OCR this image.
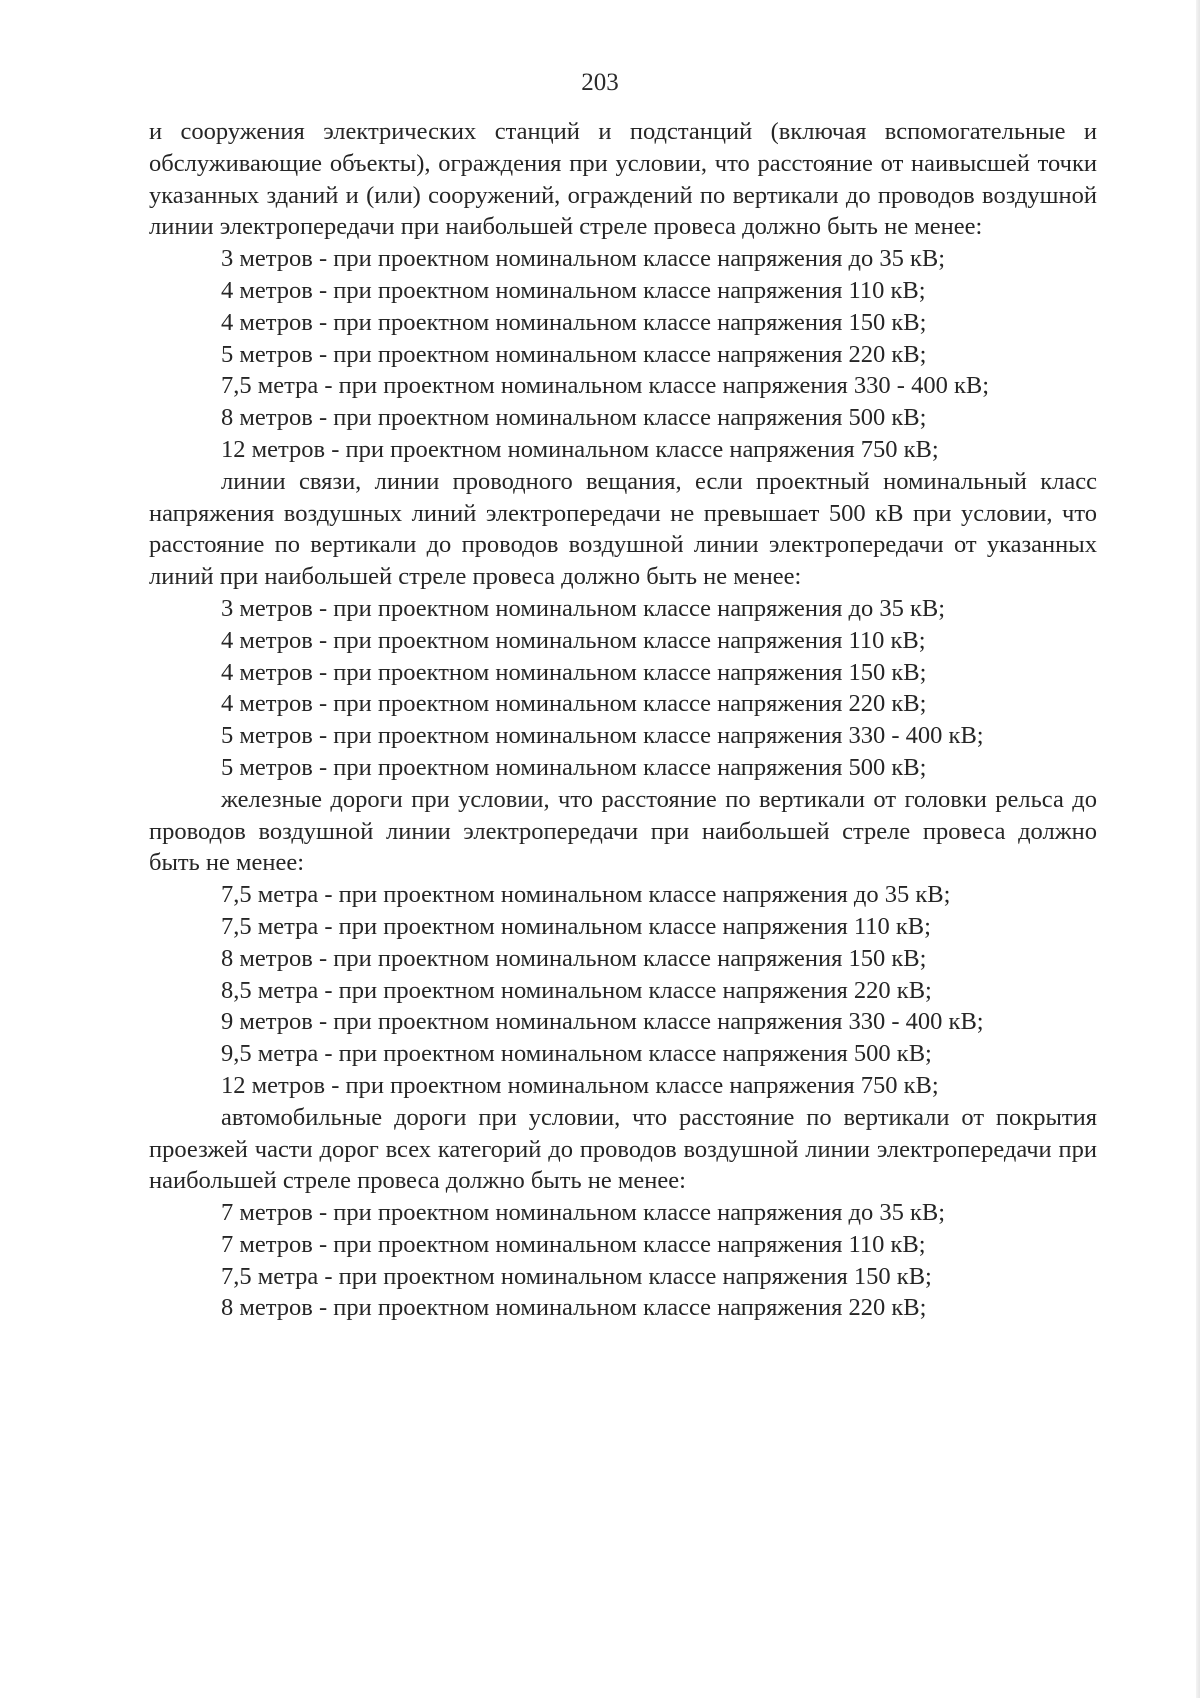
203

и сооружения электрических станций и подстанций (включая вспомогательные и обслуживающие объекты), ограждения при условии, что расстояние от наивысшей точки указанных зданий и (или) сооружений, ограждений по вертикали до проводов воздушной линии электропередачи при наибольшей стреле провеса должно быть не менее:

3 метров - при проектном номинальном классе напряжения до 35 кВ;

4 метров - при проектном номинальном классе напряжения 110 кВ;

4 метров - при проектном номинальном классе напряжения 150 кВ;

5 метров - при проектном номинальном классе напряжения 220 кВ;

7,5 метра - при проектном номинальном классе напряжения 330 - 400 кВ;

8 метров - при проектном номинальном классе напряжения 500 кВ;

12 метров - при проектном номинальном классе напряжения 750 кВ;

линии связи, линии проводного вещания, если проектный номинальный класс напряжения воздушных линий электропередачи не превышает 500 кВ при условии, что расстояние по вертикали до проводов воздушной линии электропередачи от указанных линий при наибольшей стреле провеса должно быть не менее:

3 метров - при проектном номинальном классе напряжения до 35 кВ;

4 метров - при проектном номинальном классе напряжения 110 кВ;

4 метров - при проектном номинальном классе напряжения 150 кВ;

4 метров - при проектном номинальном классе напряжения 220 кВ;

5 метров - при проектном номинальном классе напряжения 330 - 400 кВ;

5 метров - при проектном номинальном классе напряжения 500 кВ;

железные дороги при условии, что расстояние по вертикали от головки рельса до проводов воздушной линии электропередачи при наибольшей стреле провеса должно быть не менее:

7,5 метра - при проектном номинальном классе напряжения до 35 кВ;

7,5 метра - при проектном номинальном классе напряжения 110 кВ;

8 метров - при проектном номинальном классе напряжения 150 кВ;

8,5 метра - при проектном номинальном классе напряжения 220 кВ;

9 метров - при проектном номинальном классе напряжения 330 - 400 кВ;

9,5 метра - при проектном номинальном классе напряжения 500 кВ;

12 метров - при проектном номинальном классе напряжения 750 кВ;

автомобильные дороги при условии, что расстояние по вертикали от покрытия проезжей части дорог всех категорий до проводов воздушной линии электропередачи при наибольшей стреле провеса должно быть не менее:

7 метров - при проектном номинальном классе напряжения до 35 кВ;

7 метров - при проектном номинальном классе напряжения 110 кВ;

7,5 метра - при проектном номинальном классе напряжения 150 кВ;

8 метров - при проектном номинальном классе напряжения 220 кВ;
